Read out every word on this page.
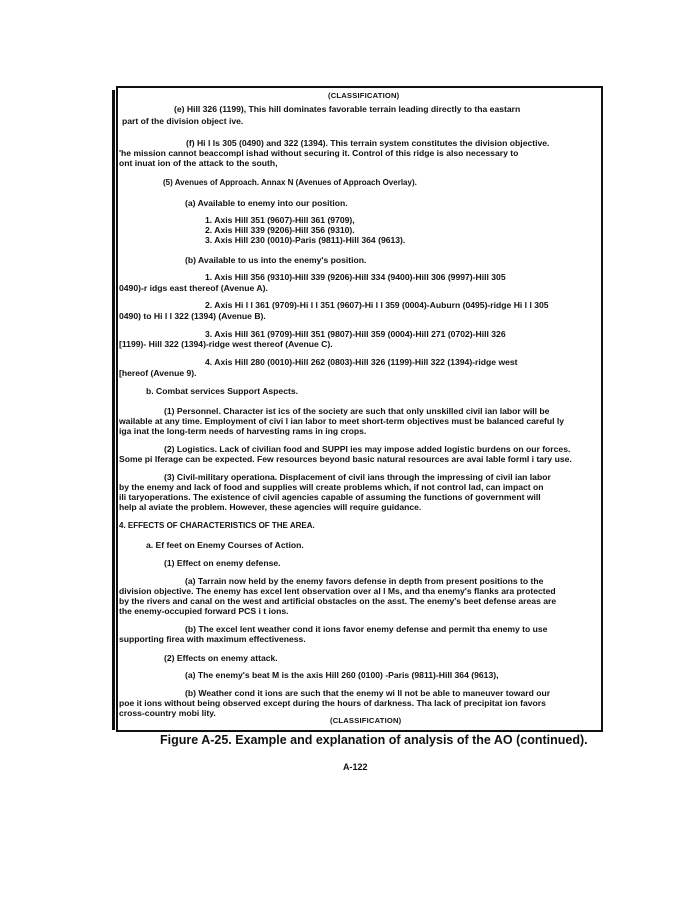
(CLASSIFICATION)
(e) Hill 326 (1199), This hill dominates favorable terrain leading directly to tha eastarn
part of the division object ive.
(f) Hi l ls 305 (0490) and 322 (1394). This terrain system constitutes the division objective.
'he mission cannot beaccompl ishad without securing it. Control of this ridge is also necessary to
ont inuat ion of the attack to the south,
(5) Avenues of Approach. Annax N (Avenues of Approach Overlay).
(a) Available to enemy into our position.
1. Axis Hill 351 (9607)-Hill 361 (9709),
2. Axis Hill 339 (9206)-Hill 356 (9310).
3. Axis Hill 230 (0010)-Paris (9811)-Hill 364 (9613).
(b) Available to us into the enemy's position.
1. Axis Hill 356 (9310)-Hill 339 (9206)-Hill 334 (9400)-Hill 306 (9997)-Hill 305
0490)-r idgs east thereof (Avenue A).
2. Axis Hi l l 361 (9709)-Hi l l 351 (9607)-Hi l l 359 (0004)-Auburn (0495)-ridge Hi l l 305
0490) to Hi l l 322 (1394) (Avenue B).
3. Axis Hill 361 (9709)-Hill 351 (9807)-Hill 359 (0004)-Hill 271 (0702)-Hill 326
[1199)- Hill 322 (1394)-ridge west thereof (Avenue C).
4. Axis Hill 280 (0010)-Hill 262 (0803)-Hill 326 (1199)-Hill 322 (1394)-ridge west
[hereof (Avenue 9).
b. Combat services Support Aspects.
(1) Personnel. Character ist ics of the society are such that only unskilled civil ian labor will be
wailable at any time. Employment of civi l ian labor to meet short-term objectives must be balanced careful ly
iga inat the long-term needs of harvesting rams in ing crops.
(2) Logistics. Lack of civilian food and SUPPI ies may impose added logistic burdens on our forces.
Some pi lferage can be expected. Few resources beyond basic natural resources are avai lable forml i tary use.
(3) Civil-military operationa. Displacement of civil ians through the impressing of civil ian labor
by the enemy and lack of food and supplies will create problems which, if not control lad, can impact on
ili taryoperations. The existence of civil agencies capable of assuming the functions of government will
help al aviate the problem. However, these agencies will require guidance.
4. EFFECTS OF CHARACTERISTICS OF THE AREA.
a. Ef feet on Enemy Courses of Action.
(1) Effect on enemy defense.
(a) Tarrain now held by the enemy favors defense in depth from present positions to the
division objective. The enemy has excel lent observation over al l Ms, and tha enemy's flanks ara protected
by the rivers and canal on the west and artificial obstacles on the asst. The enemy's beet defense areas are
the enemy-occupied forward PCS i t ions.
(b) The excel lent weather cond it ions favor enemy defense and permit tha enemy to use
supporting firea with maximum effectiveness.
(2) Effects on enemy attack.
(a) The enemy's beat M is the axis Hill 260 (0100) -Paris (9811)-Hill 364 (9613),
(b) Weather cond it ions are such that the enemy wi ll not be able to maneuver toward our
poe it ions without being observed except during the hours of darkness. Tha lack of precipitat ion favors
cross-country mobi lity.
(CLASSIFICATION)
Figure A-25. Example and explanation of analysis of the AO (continued).
A-122
